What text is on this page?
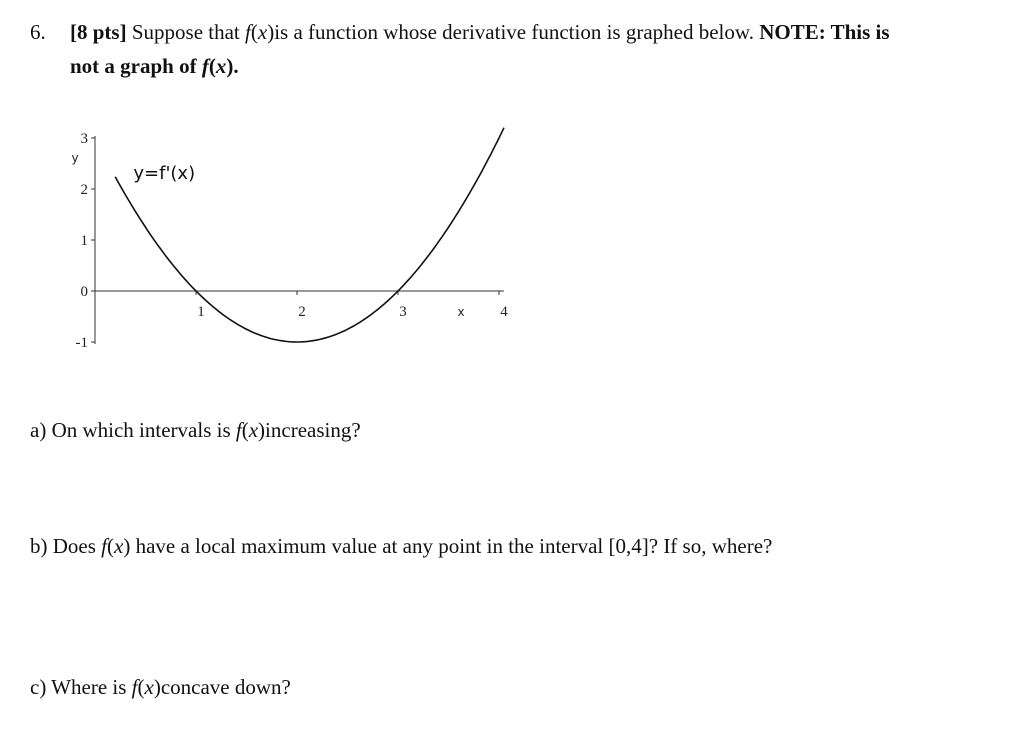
6. [8 pts] Suppose that f(x)is a function whose derivative function is graphed below. NOTE: This is
not a graph of f(x).
-1
0
1
2
3
y
1	2	3	4
x
y=f'(x)
a) On which intervals is f(x)increasing?
b) Does f(x) have a local maximum value at any point in the interval [0,4]? If so, where?
c) Where is f(x)concave down?
